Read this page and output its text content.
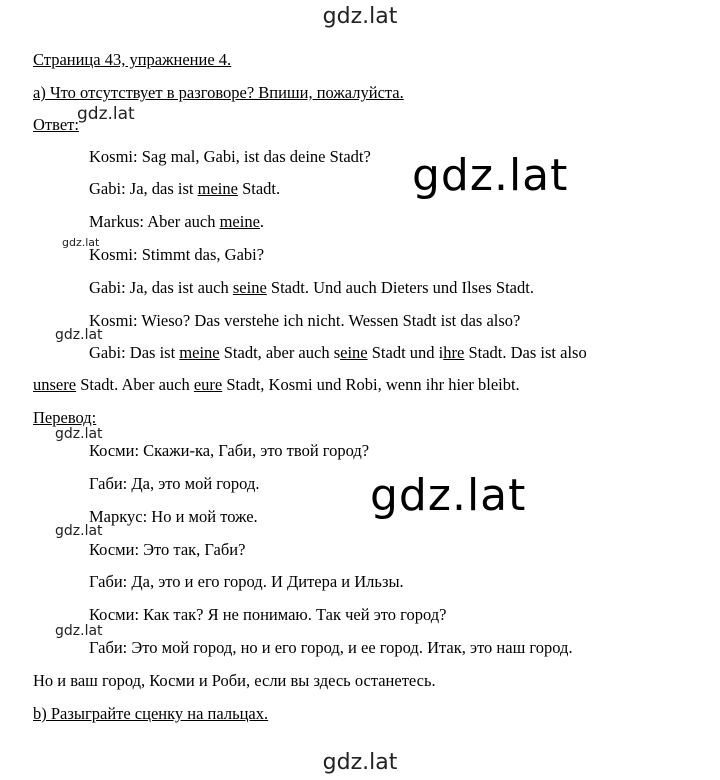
gdz.lat
gdz.lat
gdz.lat
gdz.lat
gdz.lat
gdz.lat
gdz.lat
gdz.lat
gdz.lat
Страница 43, упражнение 4.
а) Что отсутствует в разговоре? Впиши, пожалуйста.
Ответ:
Kosmi: Sag mal, Gabi, ist das deine Stadt?
Gabi: Ja, das ist meine Stadt.
Markus: Aber auch meine.
Kosmi: Stimmt das, Gabi?
Gabi: Ja, das ist auch seine Stadt. Und auch Dieters und Ilses Stadt.
Kosmi: Wieso? Das verstehe ich nicht. Wessen Stadt ist das also?
Gabi: Das ist meine Stadt, aber auch seine Stadt und ihre Stadt. Das ist also
unsere Stadt. Aber auch eure Stadt, Kosmi und Robi, wenn ihr hier bleibt.
Перевод:
Косми: Скажи-ка, Габи, это твой город?
Габи: Да, это мой город.
Маркус: Но и мой тоже.
Косми: Это так, Габи?
Габи: Да, это и его город. И Дитера и Ильзы.
Косми: Как так? Я не понимаю. Так чей это город?
Габи: Это мой город, но и его город, и ее город. Итак, это наш город.
Но и ваш город, Косми и Роби, если вы здесь останетесь.
b) Разыграйте сценку на пальцах.
gdz.lat
